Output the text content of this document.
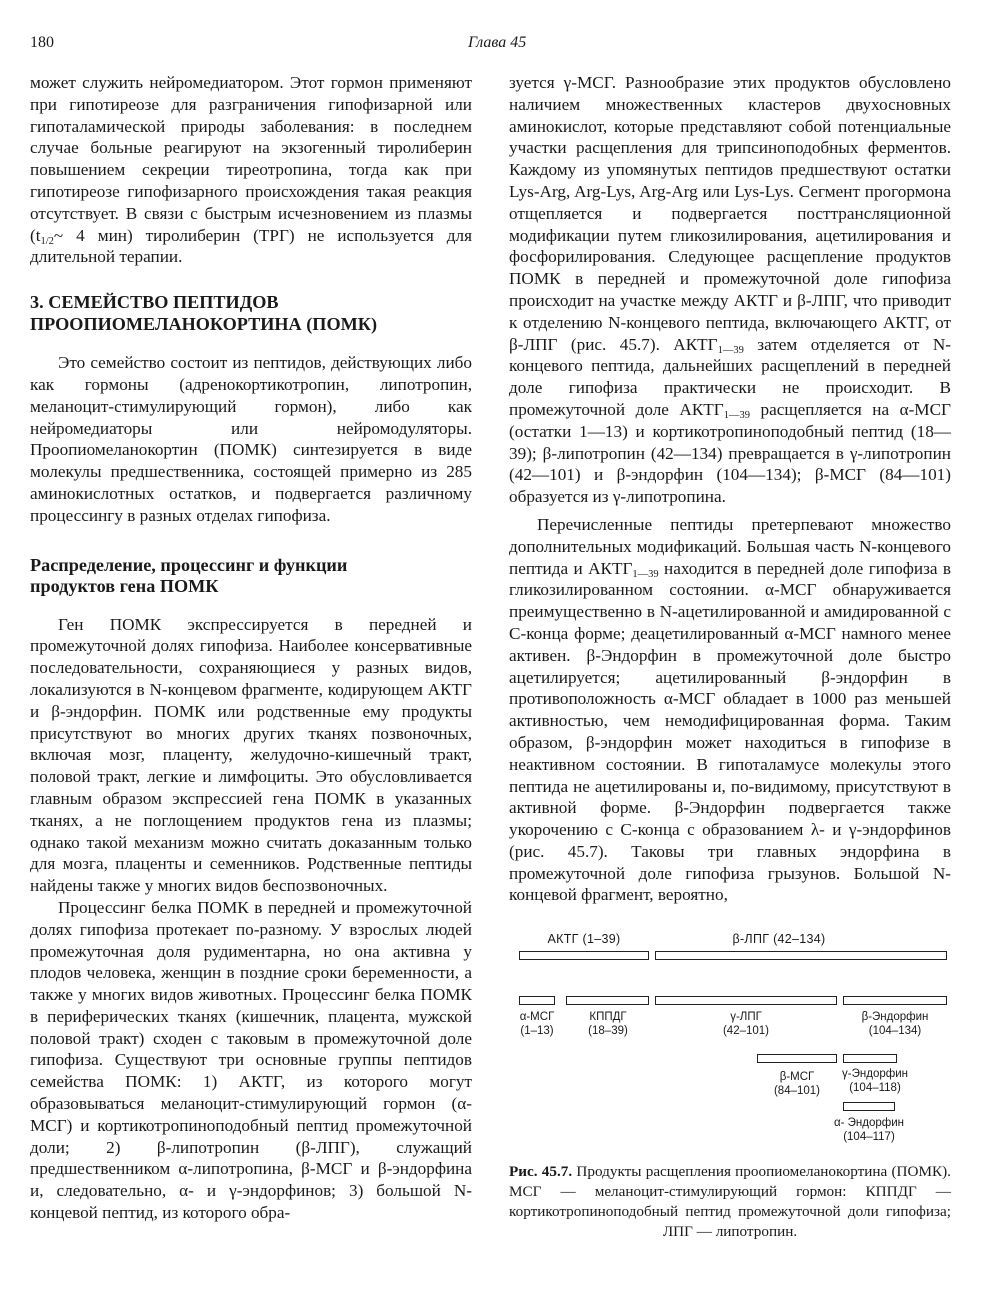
180	Глава 45

может служить нейромедиатором. Этот гормон применяют при гипотиреозе для разграничения гипофизарной или гипоталамической природы заболевания: в последнем случае больные реагируют на экзогенный тиролиберин повышением секреции тиреотропина, тогда как при гипотиреозе гипофизарного происхождения такая реакция отсутствует. В связи с быстрым исчезновением из плазмы ($t_{1/2}\sim$ 4 мин) тиролиберин (ТРГ) не используется для длительной терапии.

3. СЕМЕЙСТВО ПЕПТИДОВ
ПРООПИОМЕЛАНОКОРТИНА (ПОМК)

Это семейство состоит из пептидов, действующих либо как гормоны (адренокортикотропин, липотропин, меланоцит-стимулирующий гормон), либо как нейромедиаторы или нейромодуляторы. Проопиомеланокортин (ПОМК) синтезируется в виде молекулы предшественника, состоящей примерно из 285 аминокислотных остатков, и подвергается различному процессингу в разных отделах гипофиза.

Распределение, процессинг и функции
продуктов гена ПОМК

Ген ПОМК экспрессируется в передней и промежуточной долях гипофиза. Наиболее консервативные последовательности, сохраняющиеся у разных видов, локализуются в N-концевом фрагменте, кодирующем АКТГ и β-эндорфин. ПОМК или родственные ему продукты присутствуют во многих других тканях позвоночных, включая мозг, плаценту, желудочно-кишечный тракт, половой тракт, легкие и лимфоциты. Это обусловливается главным образом экспрессией гена ПОМК в указанных тканях, а не поглощением продуктов гена из плазмы; однако такой механизм можно считать доказанным только для мозга, плаценты и семенников. Родственные пептиды найдены также у многих видов беспозвоночных.

Процессинг белка ПОМК в передней и промежуточной долях гипофиза протекает по-разному. У взрослых людей промежуточная доля рудиментарна, но она активна у плодов человека, женщин в поздние сроки беременности, а также у многих видов животных. Процессинг белка ПОМК в периферических тканях (кишечник, плацента, мужской половой тракт) сходен с таковым в промежуточной доле гипофиза. Существуют три основные группы пептидов семейства ПОМК: 1) АКТГ, из которого могут образовываться меланоцит-стимулирующий гормон (α-МСГ) и кортикотропиноподобный пептид промежуточной доли; 2) β-липотропин (β-ЛПГ), служащий предшественником α-липотропина, β-МСГ и β-эндорфина и, следовательно, α- и γ-эндорфинов; 3) большой N-концевой пептид, из которого обра-

зуется γ-МСГ. Разнообразие этих продуктов обусловлено наличием множественных кластеров двухосновных аминокислот, которые представляют собой потенциальные участки расщепления для трипсиноподобных ферментов. Каждому из упомянутых пептидов предшествуют остатки Lys-Arg, Arg-Lys, Arg-Arg или Lys-Lys. Сегмент прогормона отщепляется и подвергается посттрансляционной модификации путем гликозилирования, ацетилирования и фосфорилирования. Следующее расщепление продуктов ПОМК в передней и промежуточной доле гипофиза происходит на участке между АКТГ и β-ЛПГ, что приводит к отделению N-концевого пептида, включающего АКТГ, от β-ЛПГ (рис. 45.7). $АКТГ_{1—39}$ затем отделяется от N-концевого пептида, дальнейших расщеплений в передней доле гипофиза практически не происходит. В промежуточной доле $АКТГ_{1—39}$ расщепляется на α-МСГ (остатки 1—13) и кортикотропиноподобный пептид (18—39); β-липотропин (42—134) превращается в γ-липотропин (42—101) и β-эндорфин (104—134); β-МСГ (84—101) образуется из γ-липотропина.

Перечисленные пептиды претерпевают множество дополнительных модификаций. Большая часть N-концевого пептида и $АКТГ_{1—39}$ находится в передней доле гипофиза в гликозилированном состоянии. α-МСГ обнаруживается преимущественно в N-ацетилированной и амидированной с С-конца форме; деацетилированный α-МСГ намного менее активен. β-Эндорфин в промежуточной доле быстро ацетилируется; ацетилированный β-эндорфин в противоположность α-МСГ обладает в 1000 раз меньшей активностью, чем немодифицированная форма. Таким образом, β-эндорфин может находиться в гипофизе в неактивном состоянии. В гипоталамусе молекулы этого пептида не ацетилированы и, по-видимому, присутствуют в активной форме. β-Эндорфин подвергается также укорочению с С-конца с образованием λ- и γ-эндорфинов (рис. 45.7). Таковы три главных эндорфина в промежуточной доле гипофиза грызунов. Большой N-концевой фрагмент, вероятно,

АКТГ (1–39)	β-ЛПГ (42–134)
α-МСГ
(1–13)
КППДГ
(18–39)
γ-ЛПГ
(42–101)
β-Эндорфин
(104–134)
β-МСГ
(84–101)
γ-Эндорфин
(104–118)
α- Эндорфин
(104–117)
Рис. 45.7. Продукты расщепления проопиомеланокортина (ПОМК). МСГ — меланоцит-стимулирующий гормон: КППДГ — кортикотропиноподобный пептид промежуточной доли гипофиза; ЛПГ — липотропин.
